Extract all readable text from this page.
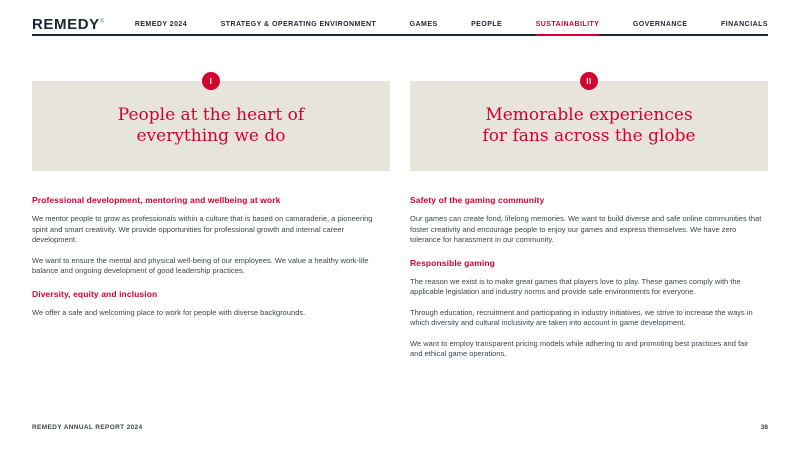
REMEDY®	REMEDY 2024	STRATEGY & OPERATING ENVIRONMENT	GAMES	PEOPLE	SUSTAINABILITY	GOVERNANCE	FINANCIALS
I
People at the heart of
everything we do
Professional development, mentoring and wellbeing at work

We mentor people to grow as professionals within a culture that is based on camaraderie, a pioneering spirit and smart creativity. We provide opportunities for professional growth and internal career development.

We want to ensure the mental and physical well-being of our employees. We value a healthy work-life balance and ongoing development of good leadership practices.

Diversity, equity and inclusion

We offer a safe and welcoming place to work for people with diverse backgrounds.

II
Memorable experiences
for fans across the globe
Safety of the gaming community

Our games can create fond, lifelong memories. We want to build diverse and safe online communities that foster creativity and encourage people to enjoy our games and express themselves. We have zero tolerance for harassment in our community.

Responsible gaming

The reason we exist is to make great games that players love to play. These games comply with the applicable legislation and industry norms and provide safe environments for everyone.

Through education, recruitment and participating in industry initiatives, we strive to increase the ways in which diversity and cultural inclusivity are taken into account in game development.

We want to employ transparent pricing models while adhering to and promoting best practices and fair and ethical game operations.

REMEDY ANNUAL REPORT 2024	38
